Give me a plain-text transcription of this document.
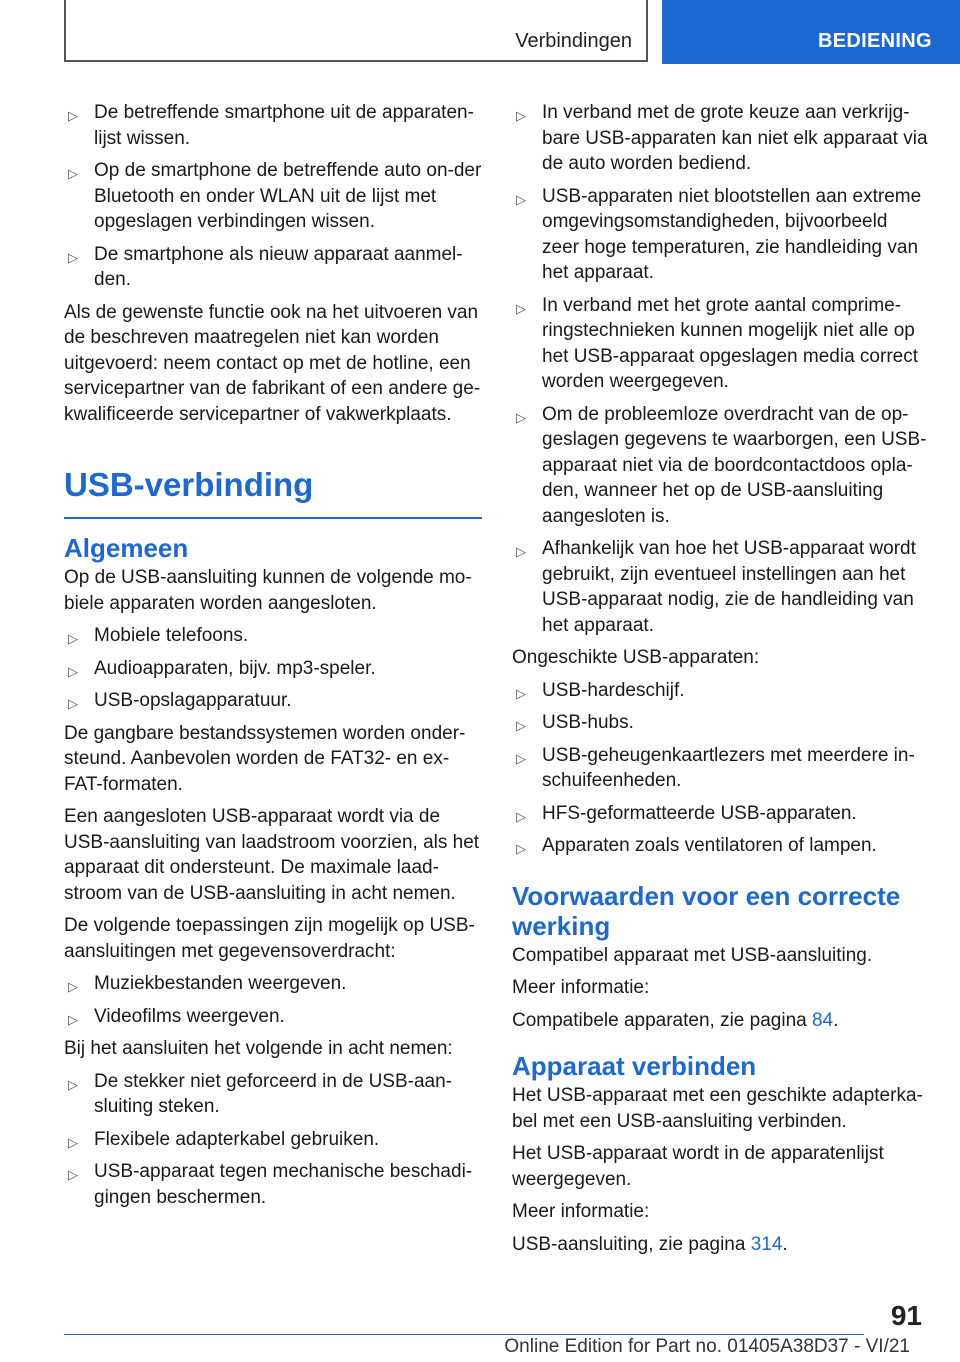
Verbindingen	BEDIENING
▷ De betreffende smartphone uit de apparaten-lijst wissen.
▷ Op de smartphone de betreffende auto on-der Bluetooth en onder WLAN uit de lijst met opgeslagen verbindingen wissen.
▷ De smartphone als nieuw apparaat aanmel-den.

Als de gewenste functie ook na het uitvoeren van de beschreven maatregelen niet kan worden uitgevoerd: neem contact op met de hotline, een servicepartner van de fabrikant of een andere ge-kwalificeerde servicepartner of vakwerkplaats.

USB-verbinding
Algemeen

Op de USB-aansluiting kunnen de volgende mo-biele apparaten worden aangesloten.

▷ Mobiele telefoons.
▷ Audioapparaten, bijv. mp3-speler.
▷ USB-opslagapparatuur.

De gangbare bestandssystemen worden onder-steund. Aanbevolen worden de FAT32- en ex-FAT-formaten.

Een aangesloten USB-apparaat wordt via de USB-aansluiting van laadstroom voorzien, als het apparaat dit ondersteunt. De maximale laad-stroom van de USB-aansluiting in acht nemen.

De volgende toepassingen zijn mogelijk op USB-aansluitingen met gegevensoverdracht:

▷ Muziekbestanden weergeven.
▷ Videofilms weergeven.

Bij het aansluiten het volgende in acht nemen:

▷ De stekker niet geforceerd in de USB-aan-sluiting steken.
▷ Flexibele adapterkabel gebruiken.
▷ USB-apparaat tegen mechanische beschadi-gingen beschermen.
▷ In verband met de grote keuze aan verkrijg-bare USB-apparaten kan niet elk apparaat via de auto worden bediend.
▷ USB-apparaten niet blootstellen aan extreme omgevingsomstandigheden, bijvoorbeeld zeer hoge temperaturen, zie handleiding van het apparaat.
▷ In verband met het grote aantal comprime-ringstechnieken kunnen mogelijk niet alle op het USB-apparaat opgeslagen media correct worden weergegeven.
▷ Om de probleemloze overdracht van de op-geslagen gegevens te waarborgen, een USB-apparaat niet via de boordcontactdoos opla-den, wanneer het op de USB-aansluiting aangesloten is.
▷ Afhankelijk van hoe het USB-apparaat wordt gebruikt, zijn eventueel instellingen aan het USB-apparaat nodig, zie de handleiding van het apparaat.

Ongeschikte USB-apparaten:

▷ USB-hardeschijf.
▷ USB-hubs.
▷ USB-geheugenkaartlezers met meerdere in-schuifeenheden.
▷ HFS-geformatteerde USB-apparaten.
▷ Apparaten zoals ventilatoren of lampen.
Voorwaarden voor een correcte werking

Compatibel apparaat met USB-aansluiting.

Meer informatie:

Compatibele apparaten, zie pagina 84.

Apparaat verbinden

Het USB-apparaat met een geschikte adapterka-bel met een USB-aansluiting verbinden.

Het USB-apparaat wordt in de apparatenlijst weergegeven.

Meer informatie:

USB-aansluiting, zie pagina 314.

91
Online Edition for Part no. 01405A38D37 - VI/21
